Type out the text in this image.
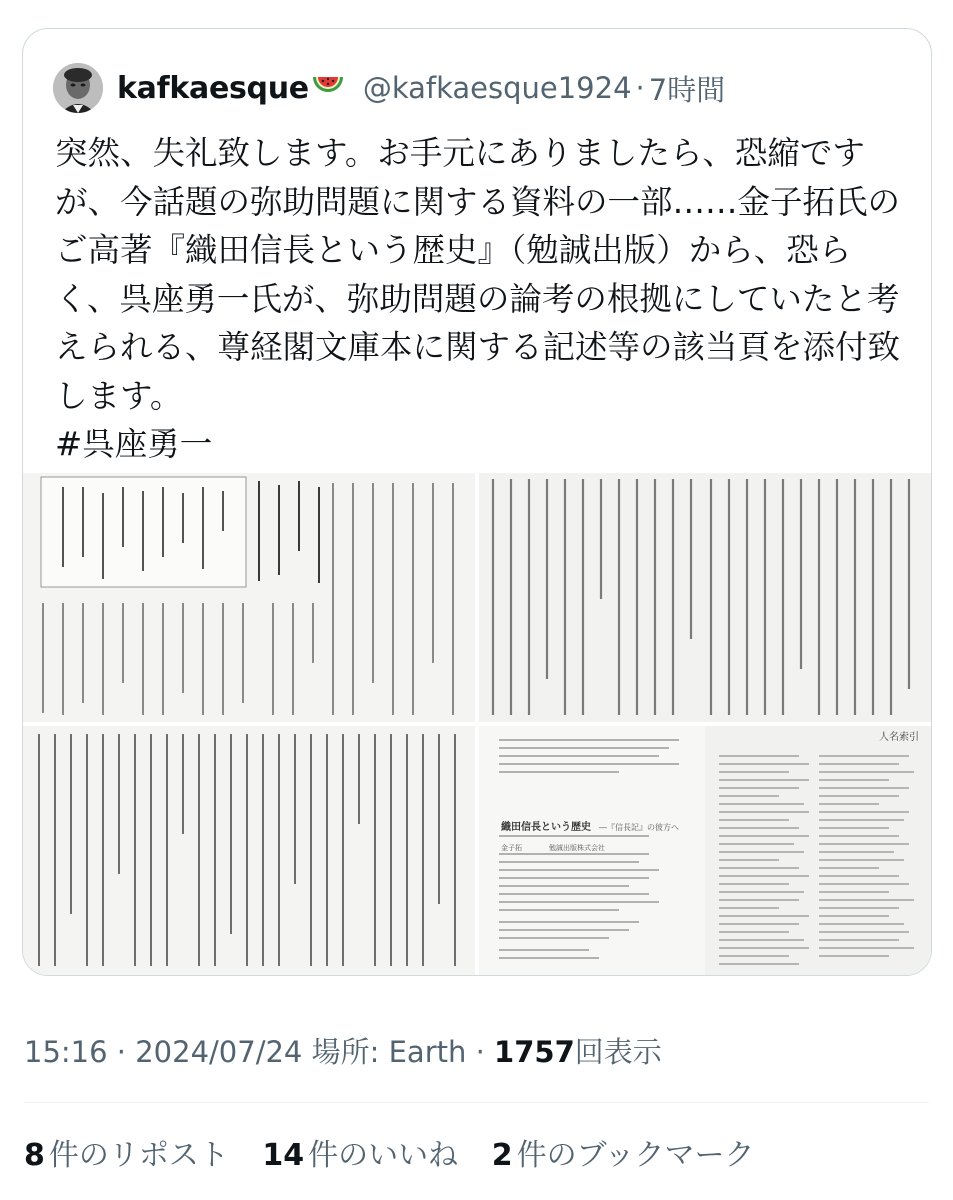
kafkaesque @kafkaesque1924 · 7時間
突然、失礼致します。お手元にありましたら、恐縮ですが、今話題の弥助問題に関する資料の一部……金子拓氏のご高著『織田信長という歴史』（勉誠出版）から、恐らく、呉座勇一氏が、弥助問題の論考の根拠にしていたと考えられる、尊経閣文庫本に関する記述等の該当頁を添付致します。
#呉座勇一
織田信長という歴史 ―『信長記』の彼方へ
金子拓	勉誠出版株式会社
人名索引
15:16 · 2024/07/24 場所: Earth · 1757回表示
8 件のリポスト 14 件のいいね 2 件のブックマーク
